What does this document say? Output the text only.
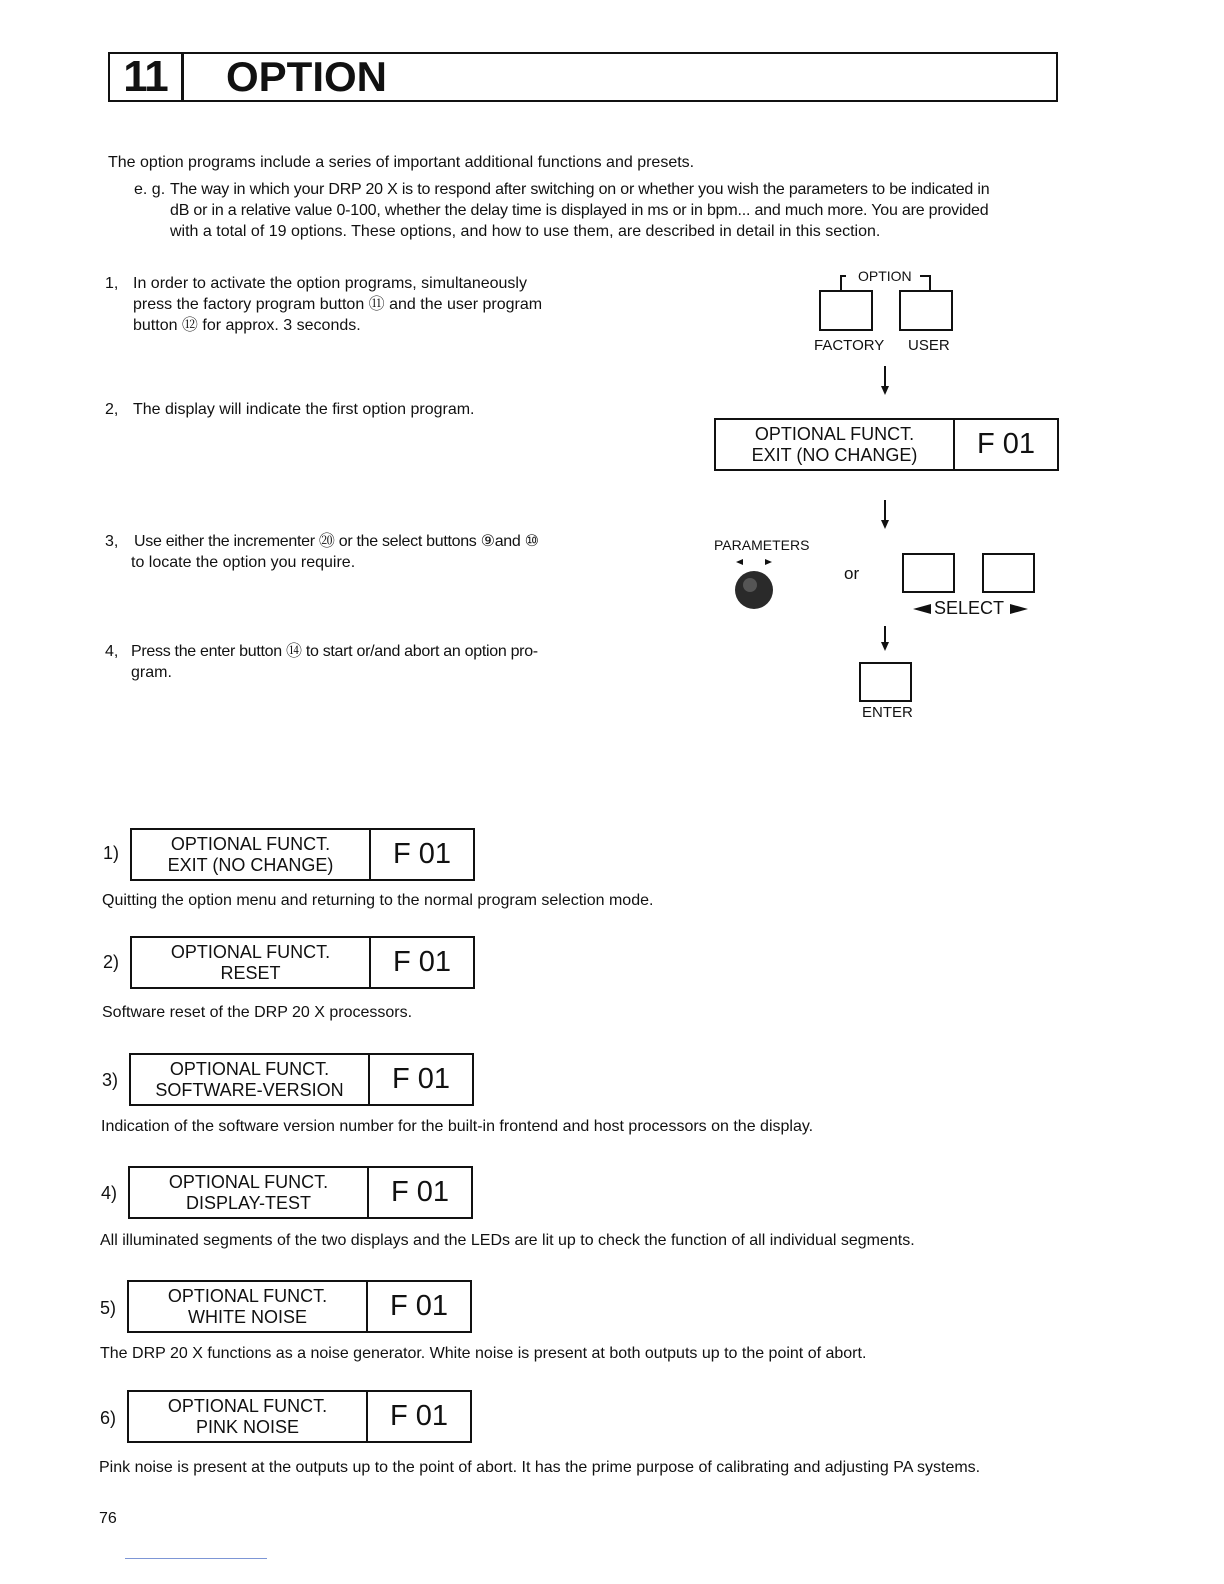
11	OPTION
The option programs include a series of important additional functions and presets.
e. g. The way in which your DRP 20 X is to respond after switching on or whether you wish the parameters to be indicated in
dB or in a relative value 0-100, whether the delay time is displayed in ms or in bpm... and much more. You are provided
with a total of 19 options. These options, and how to use them, are described in detail in this section.
1, In order to activate the option programs, simultaneously
press the factory program button ⑪ and the user program
button ⑫ for approx. 3 seconds.
2, The display will indicate the first option program.
3, Use either the incrementer ⑳ or the select buttons ⑨and ⑩
to locate the option you require.
4, Press the enter button ⑭ to start or/and abort an option pro-
gram.
OPTION
FACTORY USER
OPTIONAL FUNCT.
EXIT (NO CHANGE)	F 01
PARAMETERS
or
SELECT
ENTER
1)	OPTIONAL FUNCT.
EXIT (NO CHANGE)	F 01
Quitting the option menu and returning to the normal program selection mode.
2)
OPTIONAL FUNCT.
RESET	F 01
Software reset of the DRP 20 X processors.
3)
OPTIONAL FUNCT.
SOFTWARE-VERSION	F 01
Indication of the software version number for the built-in frontend and host processors on the display.
4)
OPTIONAL FUNCT.
DISPLAY-TEST	F 01
All illuminated segments of the two displays and the LEDs are lit up to check the function of all individual segments.
5)
OPTIONAL FUNCT.
WHITE NOISE	F 01
The DRP 20 X functions as a noise generator. White noise is present at both outputs up to the point of abort.
6)
OPTIONAL FUNCT.
PINK NOISE	F 01
Pink noise is present at the outputs up to the point of abort. It has the prime purpose of calibrating and adjusting PA systems.
76
